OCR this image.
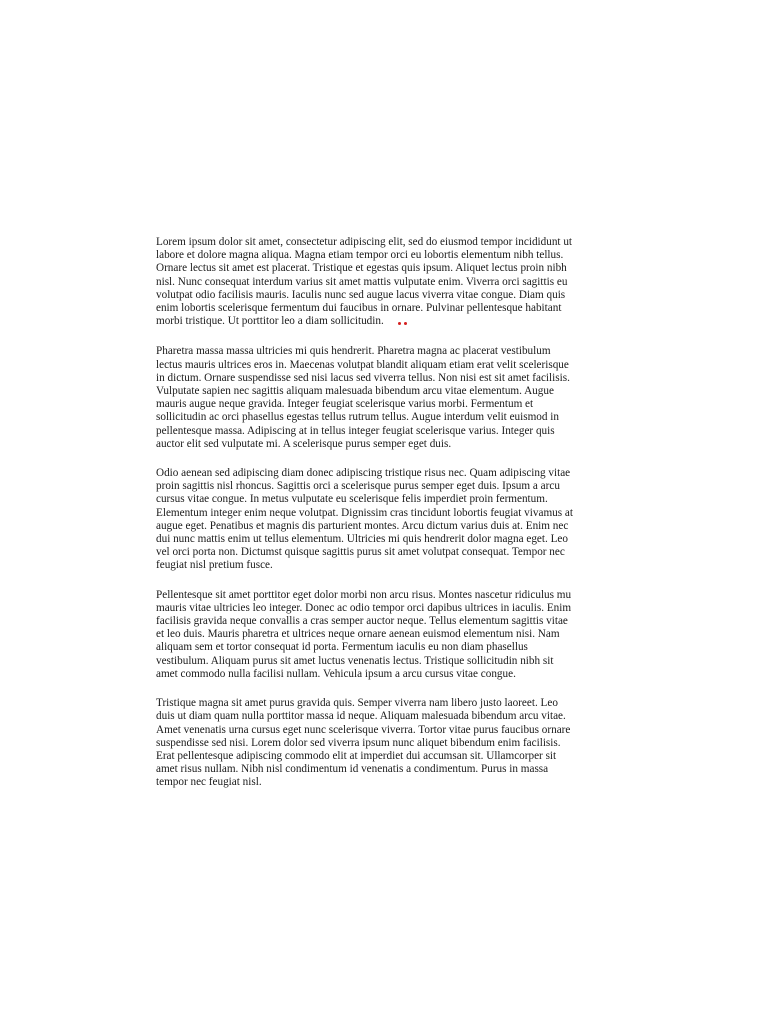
Lorem ipsum dolor sit amet, consectetur adipiscing elit, sed do eiusmod tempor incididunt ut
labore et dolore magna aliqua. Magna etiam tempor orci eu lobortis elementum nibh tellus.
Ornare lectus sit amet est placerat. Tristique et egestas quis ipsum. Aliquet lectus proin nibh
nisl. Nunc consequat interdum varius sit amet mattis vulputate enim. Viverra orci sagittis eu
volutpat odio facilisis mauris. Iaculis nunc sed augue lacus viverra vitae congue. Diam quis
enim lobortis scelerisque fermentum dui faucibus in ornare. Pulvinar pellentesque habitant
morbi tristique. Ut porttitor leo a diam sollicitudin.

Pharetra massa massa ultricies mi quis hendrerit. Pharetra magna ac placerat vestibulum
lectus mauris ultrices eros in. Maecenas volutpat blandit aliquam etiam erat velit scelerisque
in dictum. Ornare suspendisse sed nisi lacus sed viverra tellus. Non nisi est sit amet facilisis.
Vulputate sapien nec sagittis aliquam malesuada bibendum arcu vitae elementum. Augue
mauris augue neque gravida. Integer feugiat scelerisque varius morbi. Fermentum et
sollicitudin ac orci phasellus egestas tellus rutrum tellus. Augue interdum velit euismod in
pellentesque massa. Adipiscing at in tellus integer feugiat scelerisque varius. Integer quis
auctor elit sed vulputate mi. A scelerisque purus semper eget duis.

Odio aenean sed adipiscing diam donec adipiscing tristique risus nec. Quam adipiscing vitae
proin sagittis nisl rhoncus. Sagittis orci a scelerisque purus semper eget duis. Ipsum a arcu
cursus vitae congue. In metus vulputate eu scelerisque felis imperdiet proin fermentum.
Elementum integer enim neque volutpat. Dignissim cras tincidunt lobortis feugiat vivamus at
augue eget. Penatibus et magnis dis parturient montes. Arcu dictum varius duis at. Enim nec
dui nunc mattis enim ut tellus elementum. Ultricies mi quis hendrerit dolor magna eget. Leo
vel orci porta non. Dictumst quisque sagittis purus sit amet volutpat consequat. Tempor nec
feugiat nisl pretium fusce.

Pellentesque sit amet porttitor eget dolor morbi non arcu risus. Montes nascetur ridiculus mu
mauris vitae ultricies leo integer. Donec ac odio tempor orci dapibus ultrices in iaculis. Enim
facilisis gravida neque convallis a cras semper auctor neque. Tellus elementum sagittis vitae
et leo duis. Mauris pharetra et ultrices neque ornare aenean euismod elementum nisi. Nam
aliquam sem et tortor consequat id porta. Fermentum iaculis eu non diam phasellus
vestibulum. Aliquam purus sit amet luctus venenatis lectus. Tristique sollicitudin nibh sit
amet commodo nulla facilisi nullam. Vehicula ipsum a arcu cursus vitae congue.

Tristique magna sit amet purus gravida quis. Semper viverra nam libero justo laoreet. Leo
duis ut diam quam nulla porttitor massa id neque. Aliquam malesuada bibendum arcu vitae.
Amet venenatis urna cursus eget nunc scelerisque viverra. Tortor vitae purus faucibus ornare
suspendisse sed nisi. Lorem dolor sed viverra ipsum nunc aliquet bibendum enim facilisis.
Erat pellentesque adipiscing commodo elit at imperdiet dui accumsan sit. Ullamcorper sit
amet risus nullam. Nibh nisl condimentum id venenatis a condimentum. Purus in massa
tempor nec feugiat nisl.
